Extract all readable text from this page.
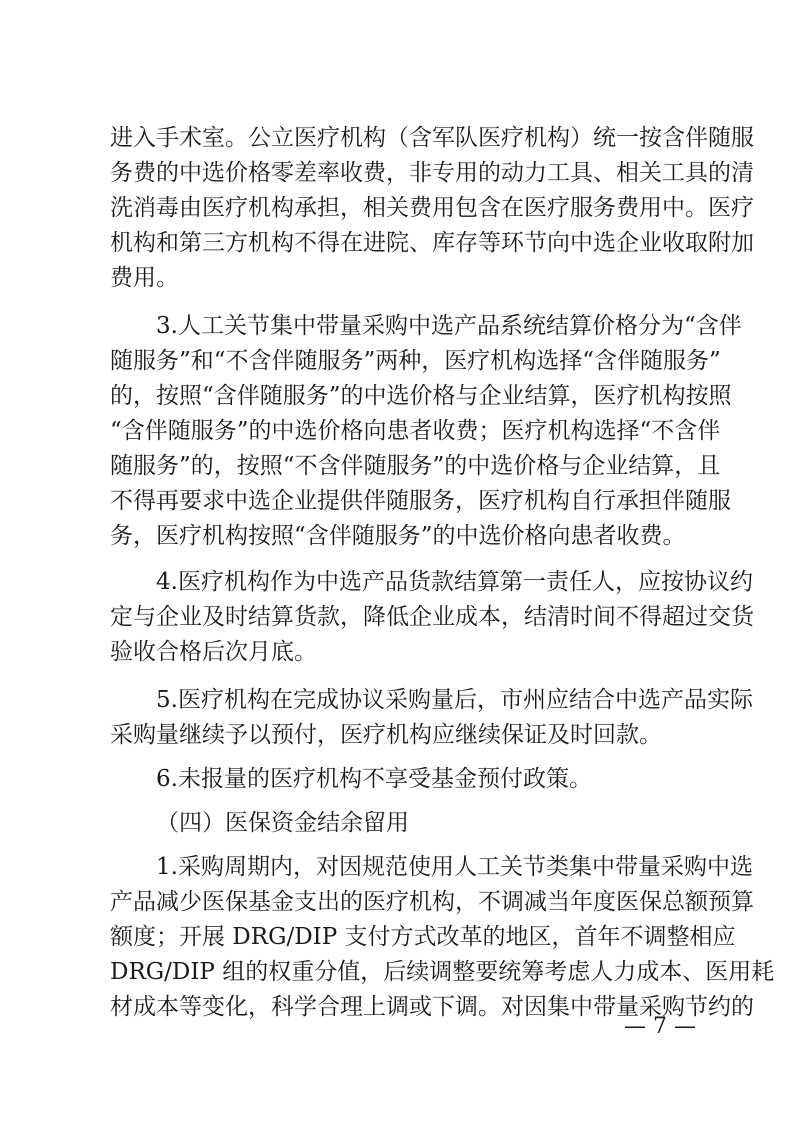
进入手术室。公立医疗机构（含军队医疗机构）统一按含伴随服
务费的中选价格零差率收费，非专用的动力工具、相关工具的清
洗消毒由医疗机构承担，相关费用包含在医疗服务费用中。医疗
机构和第三方机构不得在进院、库存等环节向中选企业收取附加
费用。
3.人工关节集中带量采购中选产品系统结算价格分为“含伴
随服务”和“不含伴随服务”两种，医疗机构选择“含伴随服务”
的，按照“含伴随服务”的中选价格与企业结算，医疗机构按照
“含伴随服务”的中选价格向患者收费；医疗机构选择“不含伴
随服务”的，按照“不含伴随服务”的中选价格与企业结算，且
不得再要求中选企业提供伴随服务，医疗机构自行承担伴随服
务，医疗机构按照“含伴随服务”的中选价格向患者收费。
4.医疗机构作为中选产品货款结算第一责任人，应按协议约
定与企业及时结算货款，降低企业成本，结清时间不得超过交货
验收合格后次月底。
5.医疗机构在完成协议采购量后，市州应结合中选产品实际
采购量继续予以预付，医疗机构应继续保证及时回款。
6.未报量的医疗机构不享受基金预付政策。
（四）医保资金结余留用
1.采购周期内，对因规范使用人工关节类集中带量采购中选
产品减少医保基金支出的医疗机构，不调减当年度医保总额预算
额度；开展 DRG/DIP 支付方式改革的地区，首年不调整相应
DRG/DIP 组的权重分值，后续调整要统筹考虑人力成本、医用耗
材成本等变化，科学合理上调或下调。对因集中带量采购节约的
— 7 —
